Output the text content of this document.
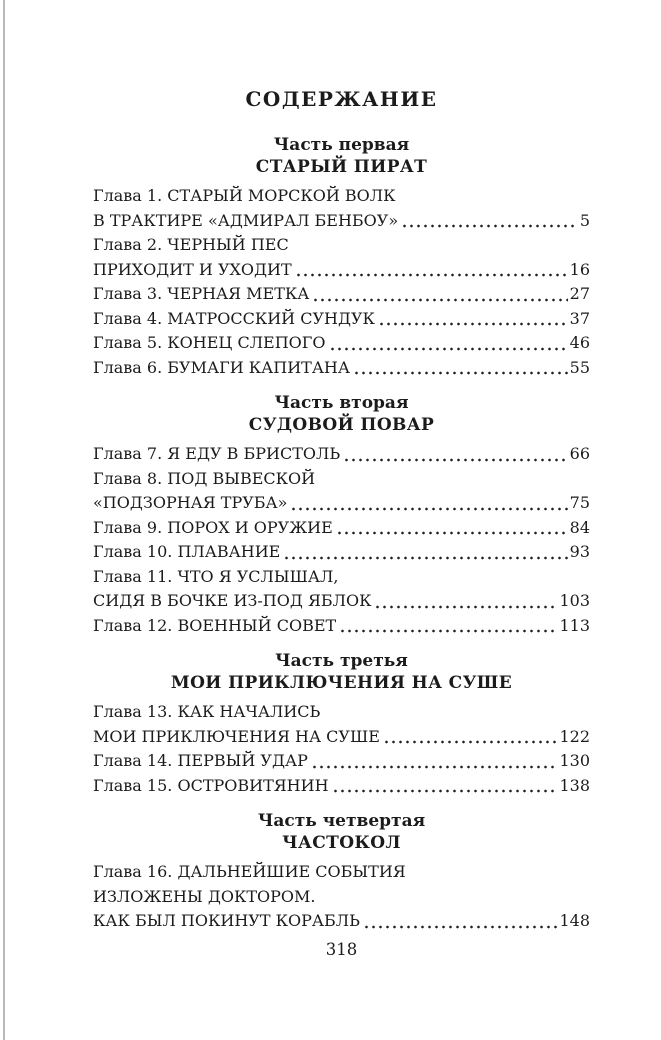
СОДЕРЖАНИЕ
Часть первая
СТАРЫЙ ПИРАТ
Глава 1. СТАРЫЙ МОРСКОЙ ВОЛК
В ТРАКТИРЕ «АДМИРАЛ БЕНБОУ»	5
Глава 2. ЧЕРНЫЙ ПЕС
ПРИХОДИТ И УХОДИТ	16
Глава 3. ЧЕРНАЯ МЕТКА	27
Глава 4. МАТРОССКИЙ СУНДУК	37
Глава 5. КОНЕЦ СЛЕПОГО	46
Глава 6. БУМАГИ КАПИТАНА	55
Часть вторая
СУДОВОЙ ПОВАР
Глава 7. Я ЕДУ В БРИСТОЛЬ	66
Глава 8. ПОД ВЫВЕСКОЙ
«ПОДЗОРНАЯ ТРУБА»	75
Глава 9. ПОРОХ И ОРУЖИЕ	84
Глава 10. ПЛАВАНИЕ	93
Глава 11. ЧТО Я УСЛЫШАЛ,
СИДЯ В БОЧКЕ ИЗ-ПОД ЯБЛОК	103
Глава 12. ВОЕННЫЙ СОВЕТ	113
Часть третья
МОИ ПРИКЛЮЧЕНИЯ НА СУШЕ
Глава 13. КАК НАЧАЛИСЬ
МОИ ПРИКЛЮЧЕНИЯ НА СУШЕ	122
Глава 14. ПЕРВЫЙ УДАР	130
Глава 15. ОСТРОВИТЯНИН	138
Часть четвертая
ЧАСТОКОЛ
Глава 16. ДАЛЬНЕЙШИЕ СОБЫТИЯ
ИЗЛОЖЕНЫ ДОКТОРОМ.
КАК БЫЛ ПОКИНУТ КОРАБЛЬ	148
318
